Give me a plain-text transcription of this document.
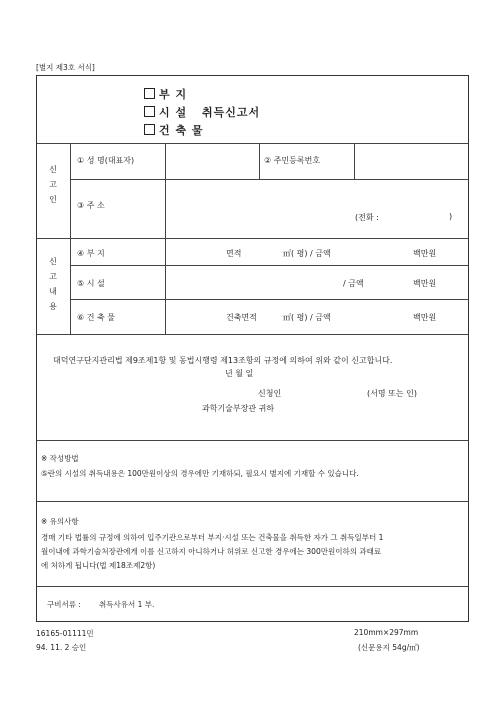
[별지 제3호 서식]
부 지
시 설 취득신고서
건 축 물
신
고
인
① 성 명(대표자)	② 주민등록번호
③ 주 소
(전화 :	)
신
고
내
용
④ 부 지	면적	㎡( 평) / 금액	백만원
⑤ 시 설	/ 금액	백만원
⑥ 건 축 물	건축면적	㎡( 평) / 금액	백만원
대덕연구단지관리법 제9조제1항 및 동법시행령 제13조항의 규정에 의하여 위와 같이 신고합니다.
년 월 일
신청인	(서명 또는 인)
과학기술부장관 귀하
※ 작성방법
⑤란의 시설의 취득내용은 100만원이상의 경우에만 기재하되, 필요시 별지에 기재할 수 있습니다.
※ 유의사항
경매 기타 법률의 규정에 의하여 입주기관으로부터 부지·시설 또는 건축물을 취득한 자가 그 취득일부터 1
월이내에 과학기술처장관에게 이를 신고하지 아니하거나 허위로 신고한 경우에는 300만원이하의 과태료
에 처하게 됩니다(법 제18조제2항)
구비서류 : 취득사유서 1 부.
16165-01111민
94. 11. 2 승인
210mm×297mm
(신문용지 54g/㎡)
